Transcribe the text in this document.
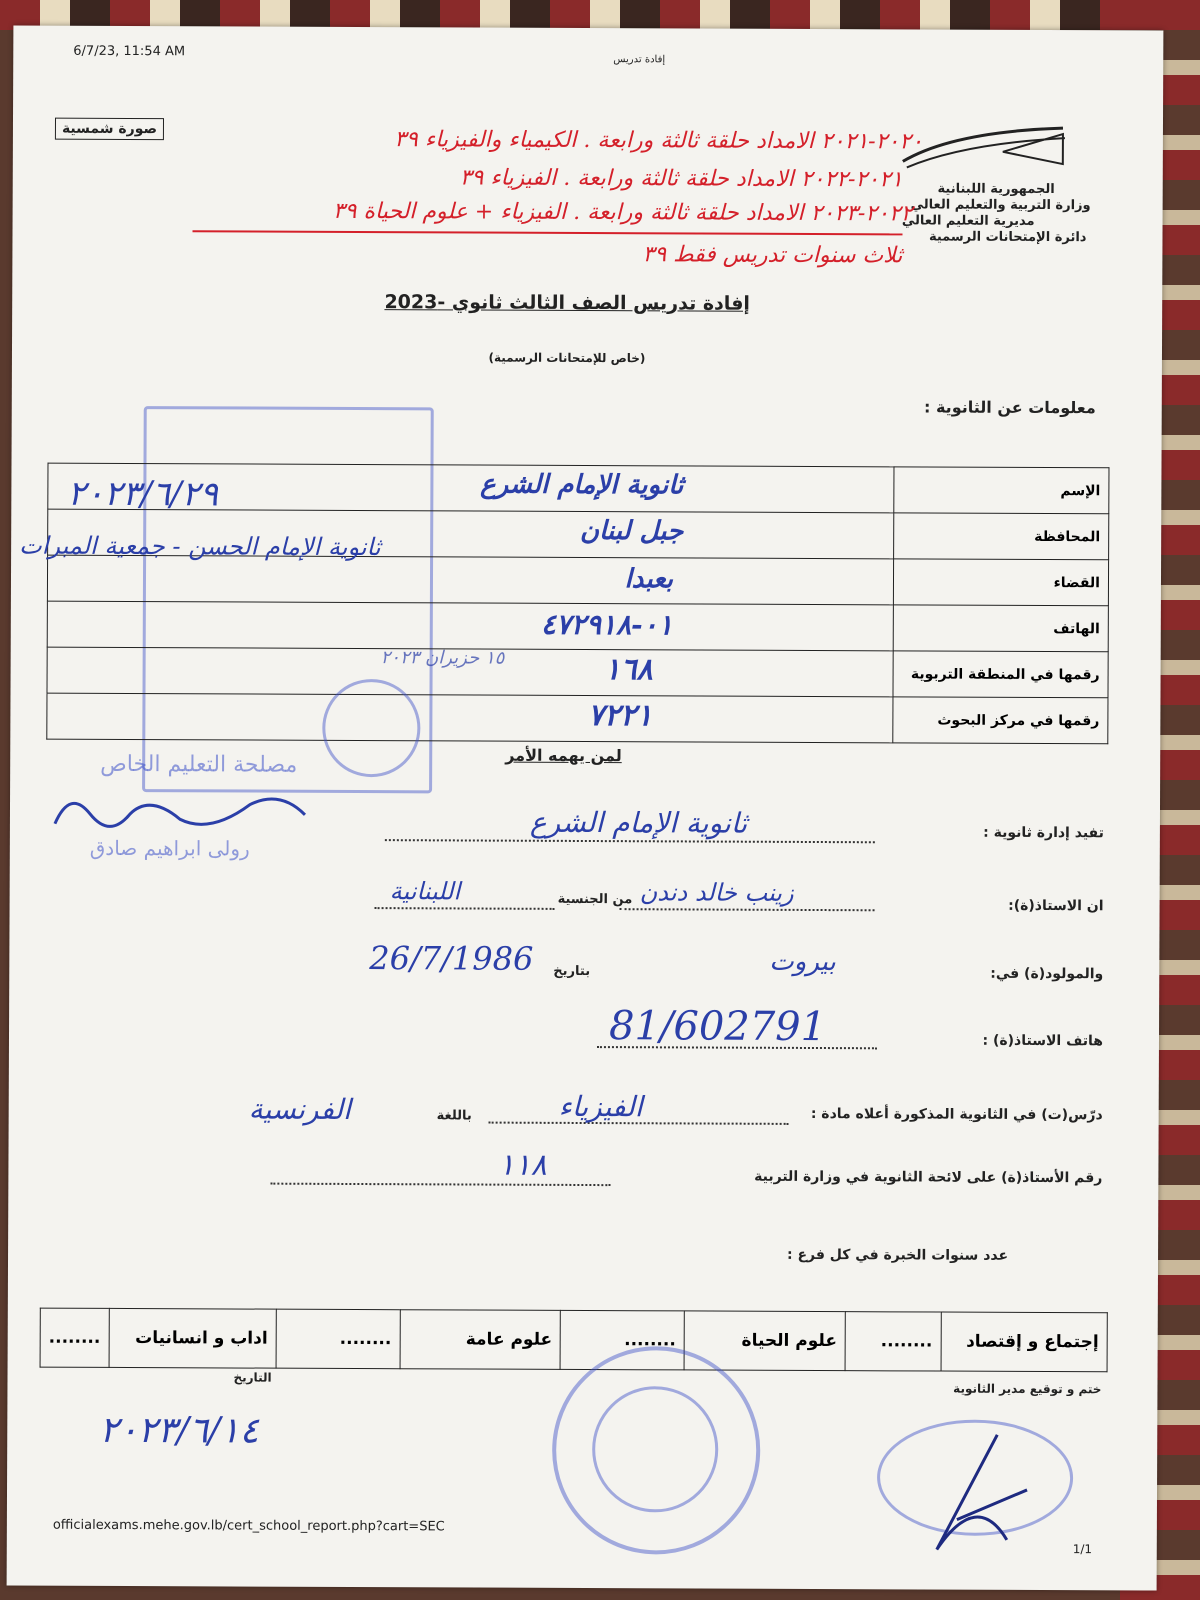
6/7/23, 11:54 AM
إفادة تدريس
صورة شمسية
الجمهورية اللبنانية
وزارة التربية والتعليم العالي
مديرية التعليم العالي
دائرة الإمتحانات الرسمية
٢٠٢٠-٢٠٢١ الامداد حلقة ثالثة ورابعة . الكيمياء والفيزياء ٣٩
٢٠٢١-٢٠٢٢ الامداد حلقة ثالثة ورابعة . الفيزياء ٣٩
٢٠٢٢-٢٠٢٣ الامداد حلقة ثالثة ورابعة . الفيزياء + علوم الحياة ٣٩
ثلاث سنوات تدريس فقط ٣٩
إفادة تدريس الصف الثالث ثانوي -2023
(خاص للإمتحانات الرسمية)
معلومات عن الثانوية :
الإسم	ثانوية الإمام الشرع

المحافظة	جبل لبنان

القضاء	بعبدا

الهاتف	٠١-٤٧٢٩١٨

رقمها في المنطقة التربوية	١٦٨

رقمها في مركز البحوث	٧٢٢١
٢٠٢٣/٦/٢٩
ثانوية الإمام الحسن - جمعية المبرات
١٥ حزيران ٢٠٢٣
لمن يهمه الأمر
مصلحة التعليم الخاص
رولى ابراهيم صادق
تفيد إدارة ثانوية :
ثانوية الإمام الشرع
ان الاستاذ(ة):
زينب خالد دندن
من الجنسية
اللبنانية
والمولود(ة) في:
بيروت
بتاريخ
26/7/1986
هاتف الاستاذ(ة) :
81/602791
درّس(ت) في الثانوية المذكورة أعلاه مادة :
الفيزياء
باللغة
الفرنسية
رقم الأستاذ(ة) على لائحة الثانوية في وزارة التربية
١١٨
عدد سنوات الخبرة في كل فرع :
إجتماع و إقتصاد	........	علوم الحياة	........	علوم عامة	........	اداب و انسانيات	........
ختم و توقيع مدير الثانوية
التاريخ
٢٠٢٣/٦/١٤
officialexams.mehe.gov.lb/cert_school_report.php?cart=SEC
1/1
